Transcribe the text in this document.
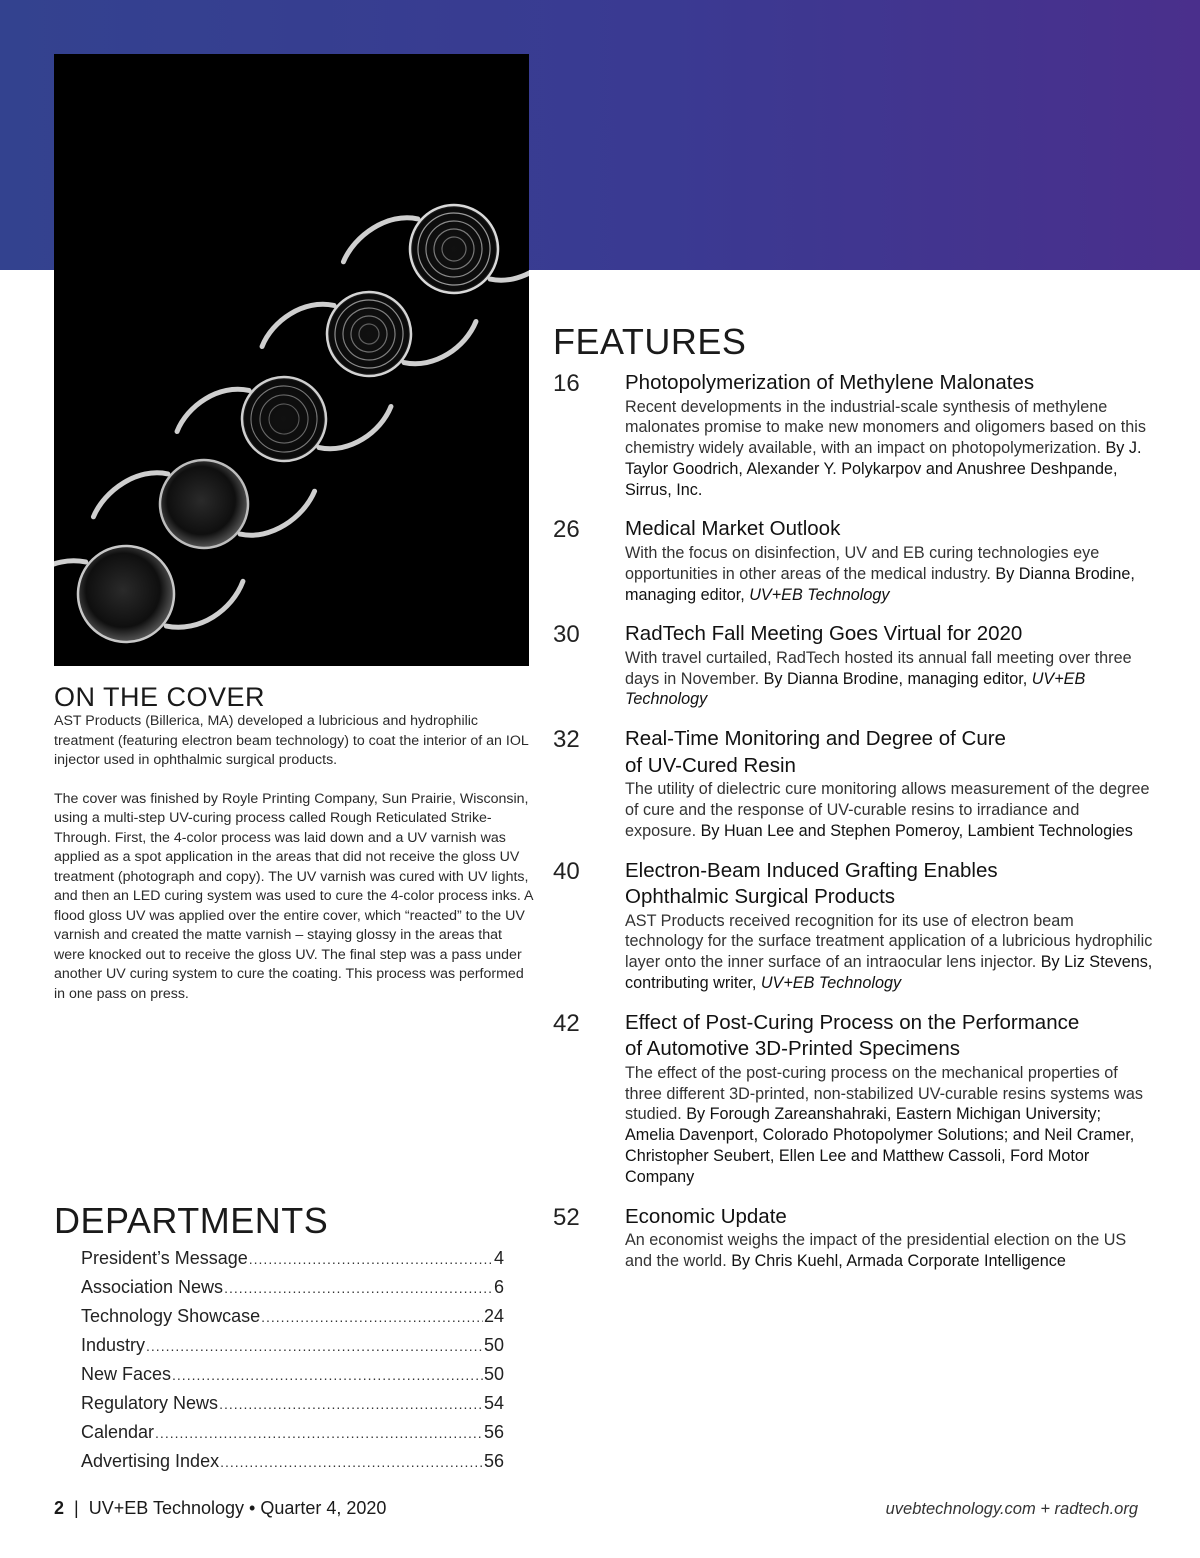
ON THE COVER

AST Products (Billerica, MA) developed a lubricious and hydrophilic treatment (featuring electron beam technology) to coat the interior of an IOL injector used in ophthalmic surgical products.

The cover was finished by Royle Printing Company, Sun Prairie, Wisconsin, using a multi-step UV-curing process called Rough Reticulated Strike-Through. First, the 4-color process was laid down and a UV varnish was applied as a spot application in the areas that did not receive the gloss UV treatment (photograph and copy). The UV varnish was cured with UV lights, and then an LED curing system was used to cure the 4-color process inks. A flood gloss UV was applied over the entire cover, which “reacted” to the UV varnish and created the matte varnish – staying glossy in the areas that were knocked out to receive the gloss UV. The final step was a pass under another UV curing system to cure the coating. This process was performed in one pass on press.

DEPARTMENTS
President’s Message .....	4
Association News .....	6
Technology Showcase .....	24
Industry .....	50
New Faces .....	50
Regulatory News .....	54
Calendar .....	56
Advertising Index .....	56
FEATURES
16	Photopolymerization of Methylene Malonates
Recent developments in the industrial-scale synthesis of methylene malonates promise to make new monomers and oligomers based on this chemistry widely available, with an impact on photopolymerization. By J. Taylor Goodrich, Alexander Y. Polykarpov and Anushree Deshpande, Sirrus, Inc.
26	Medical Market Outlook
With the focus on disinfection, UV and EB curing technologies eye opportunities in other areas of the medical industry. By Dianna Brodine, managing editor, UV+EB Technology
30	RadTech Fall Meeting Goes Virtual for 2020
With travel curtailed, RadTech hosted its annual fall meeting over three days in November. By Dianna Brodine, managing editor, UV+EB Technology
32	Real-Time Monitoring and Degree of Cure
of UV-Cured Resin
The utility of dielectric cure monitoring allows measurement of the degree of cure and the response of UV-curable resins to irradiance and exposure. By Huan Lee and Stephen Pomeroy, Lambient Technologies
40	Electron-Beam Induced Grafting Enables
Ophthalmic Surgical Products
AST Products received recognition for its use of electron beam technology for the surface treatment application of a lubricious hydrophilic layer onto the inner surface of an intraocular lens injector. By Liz Stevens, contributing writer, UV+EB Technology
42	Effect of Post-Curing Process on the Performance
of Automotive 3D-Printed Specimens
The effect of the post-curing process on the mechanical properties of three different 3D-printed, non-stabilized UV-curable resins systems was studied. By Forough Zareanshahraki, Eastern Michigan University; Amelia Davenport, Colorado Photopolymer Solutions; and Neil Cramer, Christopher Seubert, Ellen Lee and Matthew Cassoli, Ford Motor Company
52	Economic Update
An economist weighs the impact of the presidential election on the US and the world. By Chris Kuehl, Armada Corporate Intelligence
2 | UV+EB Technology • Quarter 4, 2020	uvebtechnology.com + radtech.org
